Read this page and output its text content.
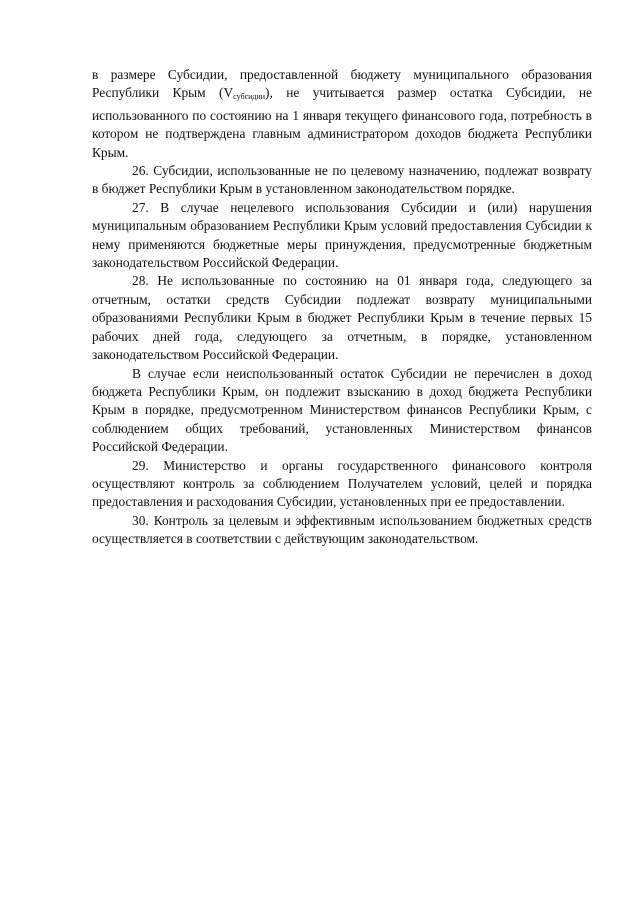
в размере Субсидии, предоставленной бюджету муниципального образования Республики Крым $(V_{субсидии})$, не учитывается размер остатка Субсидии, не использованного по состоянию на 1 января текущего финансового года, потребность в котором не подтверждена главным администратором доходов бюджета Республики Крым.

26. Субсидии, использованные не по целевому назначению, подлежат возврату в бюджет Республики Крым в установленном законодательством порядке.

27. В случае нецелевого использования Субсидии и (или) нарушения муниципальным образованием Республики Крым условий предоставления Субсидии к нему применяются бюджетные меры принуждения, предусмотренные бюджетным законодательством Российской Федерации.

28. Не использованные по состоянию на 01 января года, следующего за отчетным, остатки средств Субсидии подлежат возврату муниципальными образованиями Республики Крым в бюджет Республики Крым в течение первых 15 рабочих дней года, следующего за отчетным, в порядке, установленном законодательством Российской Федерации.

В случае если неиспользованный остаток Субсидии не перечислен в доход бюджета Республики Крым, он подлежит взысканию в доход бюджета Республики Крым в порядке, предусмотренном Министерством финансов Республики Крым, с соблюдением общих требований, установленных Министерством финансов Российской Федерации.

29. Министерство и органы государственного финансового контроля осуществляют контроль за соблюдением Получателем условий, целей и порядка предоставления и расходования Субсидии, установленных при ее предоставлении.

30. Контроль за целевым и эффективным использованием бюджетных средств осуществляется в соответствии с действующим законодательством.
